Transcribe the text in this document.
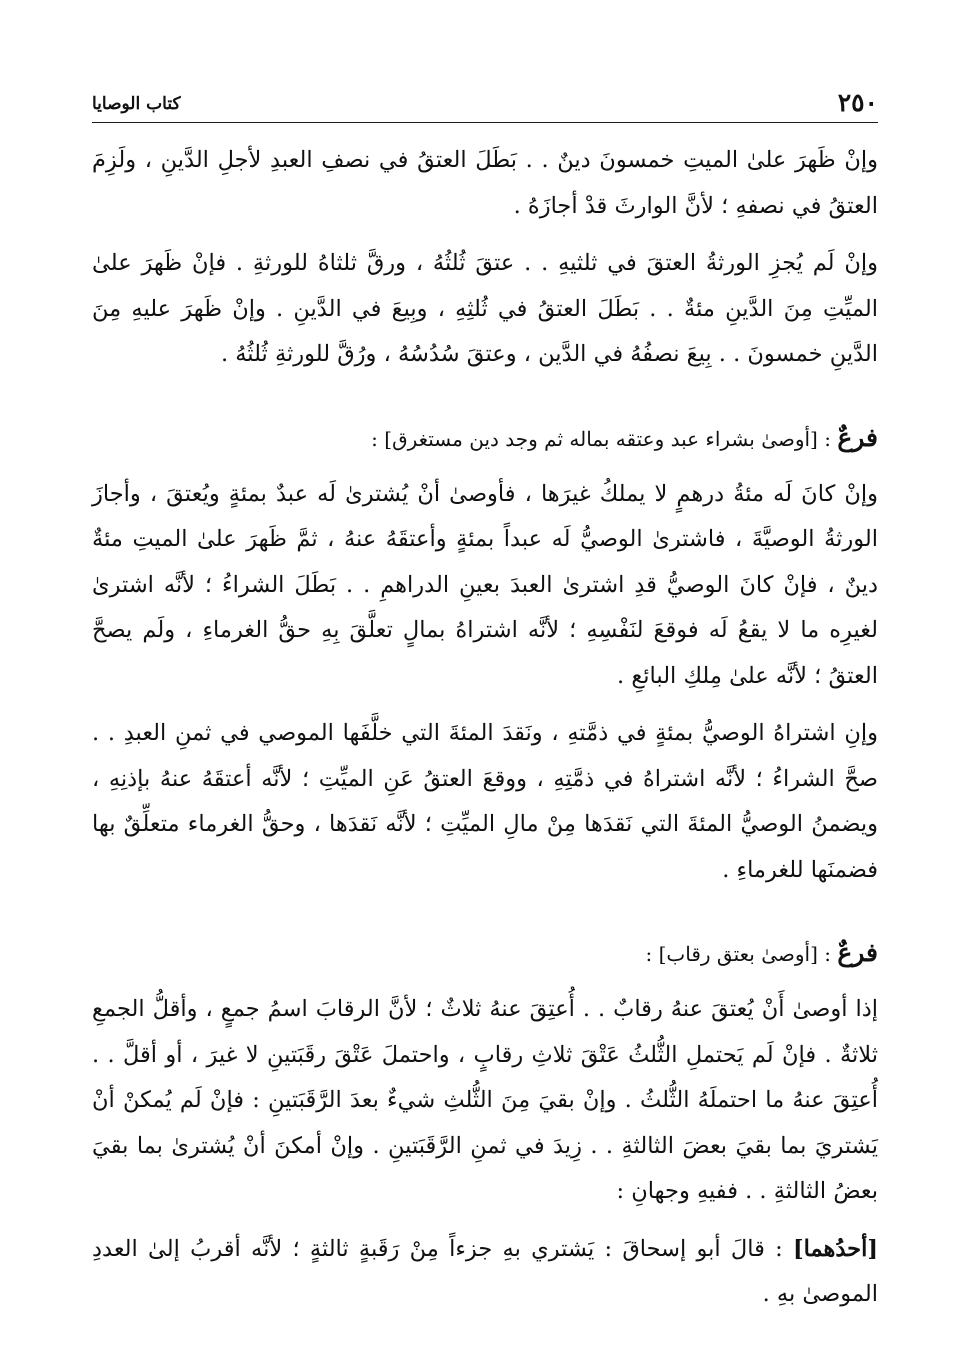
٢٥٠
كتاب الوصايا

وإنْ ظَهرَ علىٰ الميتِ خمسونَ دينٌ . . بَطَلَ العتقُ في نصفِ العبدِ لأجلِ الدَّينِ ، ولَزِمَ العتقُ في نصفهِ ؛ لأنَّ الوارثَ قدْ أجازَهُ .

وإنْ لَم يُجزِ الورثةُ العتقَ في ثلثيهِ . . عتقَ ثُلثُهُ ، ورقَّ ثلثاهُ للورثةِ . فإنْ ظَهرَ علىٰ الميِّتِ مِنَ الدَّينِ مئةٌ . . بَطَلَ العتقُ في ثُلثِهِ ، وبِيعَ في الدَّينِ . وإنْ ظَهرَ عليهِ مِنَ الدَّينِ خمسونَ . . بِيعَ نصفُهُ في الدَّين ، وعتقَ سُدُسُهُ ، ورُقَّ للورثةِ ثُلثُهُ .

فرعٌ : [أوصىٰ بشراء عبد وعتقه بماله ثم وجد دين مستغرق] :

وإنْ كانَ لَه مئةُ درهمٍ لا يملكُ غيرَها ، فأوصىٰ أنْ يُشترىٰ لَه عبدٌ بمئةٍ ويُعتقَ ، وأجازَ الورثةُ الوصيَّةَ ، فاشترىٰ الوصيُّ لَه عبداً بمئةٍ وأعتقَهُ عنهُ ، ثمَّ ظَهرَ علىٰ الميتِ مئةٌ دينٌ ، فإنْ كانَ الوصيُّ قدِ اشترىٰ العبدَ بعينِ الدراهمِ . . بَطَلَ الشراءُ ؛ لأنَّه اشترىٰ لغيرِه ما لا يقعُ لَه فوقعَ لنَفْسِهِ ؛ لأنَّه اشتراهُ بمالٍ تعلَّقَ بِهِ حقُّ الغرماءِ ، ولَم يصحَّ العتقُ ؛ لأنَّه علىٰ مِلكِ البائعِ .

وإنِ اشتراهُ الوصيُّ بمئةٍ في ذمَّتهِ ، ونَقدَ المئةَ التي خلَّفَها الموصي في ثمنِ العبدِ . . صحَّ الشراءُ ؛ لأنَّه اشتراهُ في ذمَّتِهِ ، ووقعَ العتقُ عَنِ الميِّتِ ؛ لأنَّه أعتقَهُ عنهُ بإذنِهِ ، ويضمنُ الوصيُّ المئةَ التي نَقدَها مِنْ مالِ الميِّتِ ؛ لأنَّه نَقدَها ، وحقُّ الغرماء متعلِّقٌ بها فضمنَها للغرماءِ .

فرعٌ : [أوصىٰ بعتق رقاب] :

إذا أوصىٰ أَنْ يُعتقَ عنهُ رقابٌ . . أُعتِقَ عنهُ ثلاثٌ ؛ لأنَّ الرقابَ اسمُ جمعٍ ، وأقلُّ الجمعِ ثلاثةٌ . فإنْ لَم يَحتملِ الثُّلثُ عَتْقَ ثلاثِ رقابٍ ، واحتملَ عَتْقَ رقَبَتينِ لا غيرَ ، أو أقلَّ . . أُعتِقَ عنهُ ما احتملَهُ الثُّلثُ . وإنْ بقيَ مِنَ الثُّلثِ شيءٌ بعدَ الرَّقَبَتينِ : فإنْ لَم يُمكنْ أنْ يَشتريَ بما بقيَ بعضَ الثالثةِ . . زِيدَ في ثمنِ الرَّقَبَتينِ . وإنْ أمكنَ أنْ يُشترىٰ بما بقيَ بعضُ الثالثةِ . . ففيهِ وجهانِ :

[أحدُهما] : قالَ أبو إسحاقَ : يَشتري بهِ جزءاً مِنْ رَقَبةٍ ثالثةٍ ؛ لأنَّه أقربُ إلىٰ العددِ الموصىٰ بهِ .
